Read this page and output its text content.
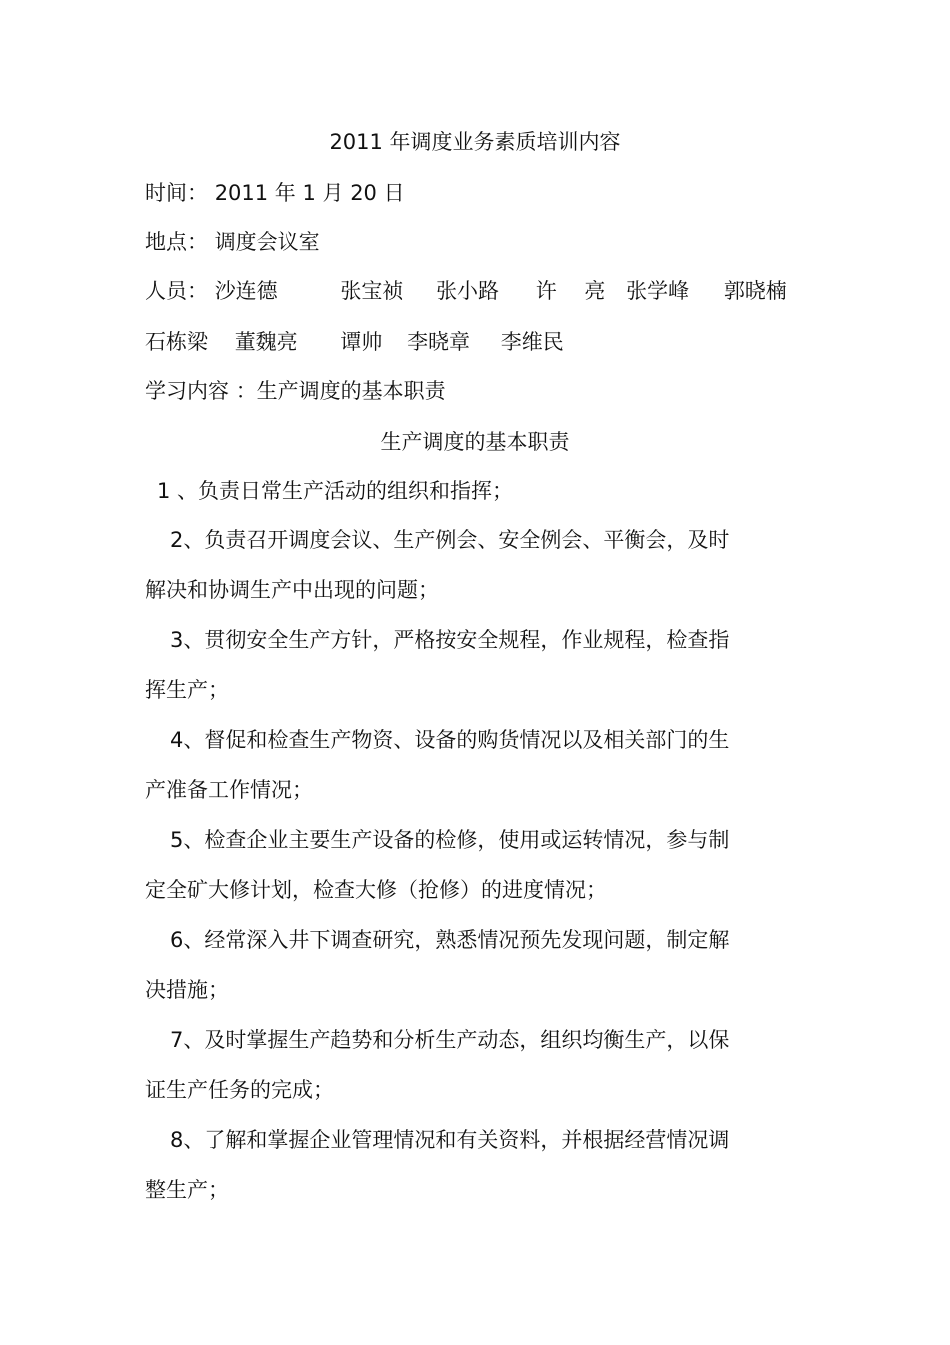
2011 年调度业务素质培训内容
时间： 2011 年 1 月 20 日
地点： 调度会议室
人员： 沙连德	张宝祯 张小路 许　 亮 张学峰 郭晓楠
石栋梁 董魏亮 谭帅 李晓章 李维民
学习内容 ：生产调度的基本职责
生产调度的基本职责
1 、负责日常生产活动的组织和指挥；
2、负责召开调度会议、生产例会、安全例会、平衡会，及时解决和协调生产中出现的问题；
3、贯彻安全生产方针，严格按安全规程，作业规程，检查指挥生产；
4、督促和检查生产物资、设备的购货情况以及相关部门的生产准备工作情况；
5、检查企业主要生产设备的检修，使用或运转情况，参与制定全矿大修计划，检查大修（抢修）的进度情况；
6、经常深入井下调查研究，熟悉情况预先发现问题，制定解决措施；
7、及时掌握生产趋势和分析生产动态，组织均衡生产，以保证生产任务的完成；
8、了解和掌握企业管理情况和有关资料，并根据经营情况调整生产；
